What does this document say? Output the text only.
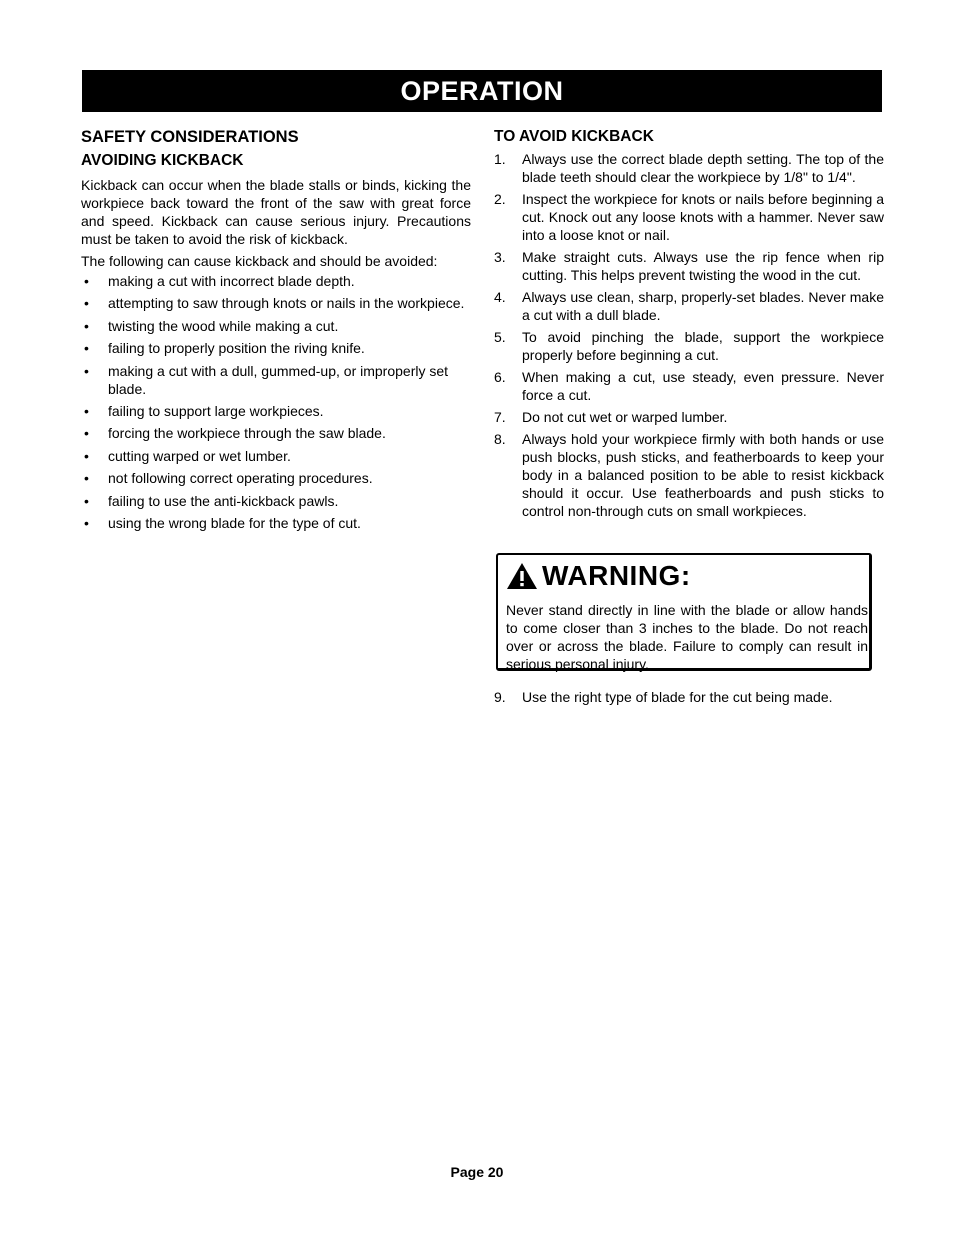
OPERATION
SAFETY CONSIDERATIONS
AVOIDING KICKBACK

Kickback can occur when the blade stalls or binds, kicking the workpiece back toward the front of the saw with great force and speed. Kickback can cause serious injury. Precautions must be taken to avoid the risk of kickback.

The following can cause kickback and should be avoided:

• making a cut with incorrect blade depth.
• attempting to saw through knots or nails in the workpiece.
• twisting the wood while making a cut.
• failing to properly position the riving knife.
• making a cut with a dull, gummed-up, or improperly set blade.
• failing to support large workpieces.
• forcing the workpiece through the saw blade.
• cutting warped or wet lumber.
• not following correct operating procedures.
• failing to use the anti-kickback pawls.
• using the wrong blade for the type of cut.
TO AVOID KICKBACK
1. Always use the correct blade depth setting. The top of the blade teeth should clear the workpiece by 1/8" to 1/4".
2. Inspect the workpiece for knots or nails before beginning a cut. Knock out any loose knots with a hammer. Never saw into a loose knot or nail.
3. Make straight cuts. Always use the rip fence when rip cutting. This helps prevent twisting the wood in the cut.
4. Always use clean, sharp, properly-set blades. Never make a cut with a dull blade.
5. To avoid pinching the blade, support the workpiece properly before beginning a cut.
6. When making a cut, use steady, even pressure. Never force a cut.
7. Do not cut wet or warped lumber.
8. Always hold your workpiece firmly with both hands or use push blocks, push sticks, and featherboards to keep your body in a balanced position to be able to resist kickback should it occur. Use featherboards and push sticks to control non-through cuts on small workpieces.
WARNING:
Never stand directly in line with the blade or allow hands to come closer than 3 inches to the blade. Do not reach over or across the blade. Failure to comply can result in serious personal injury.
9. Use the right type of blade for the cut being made.
Page 20
